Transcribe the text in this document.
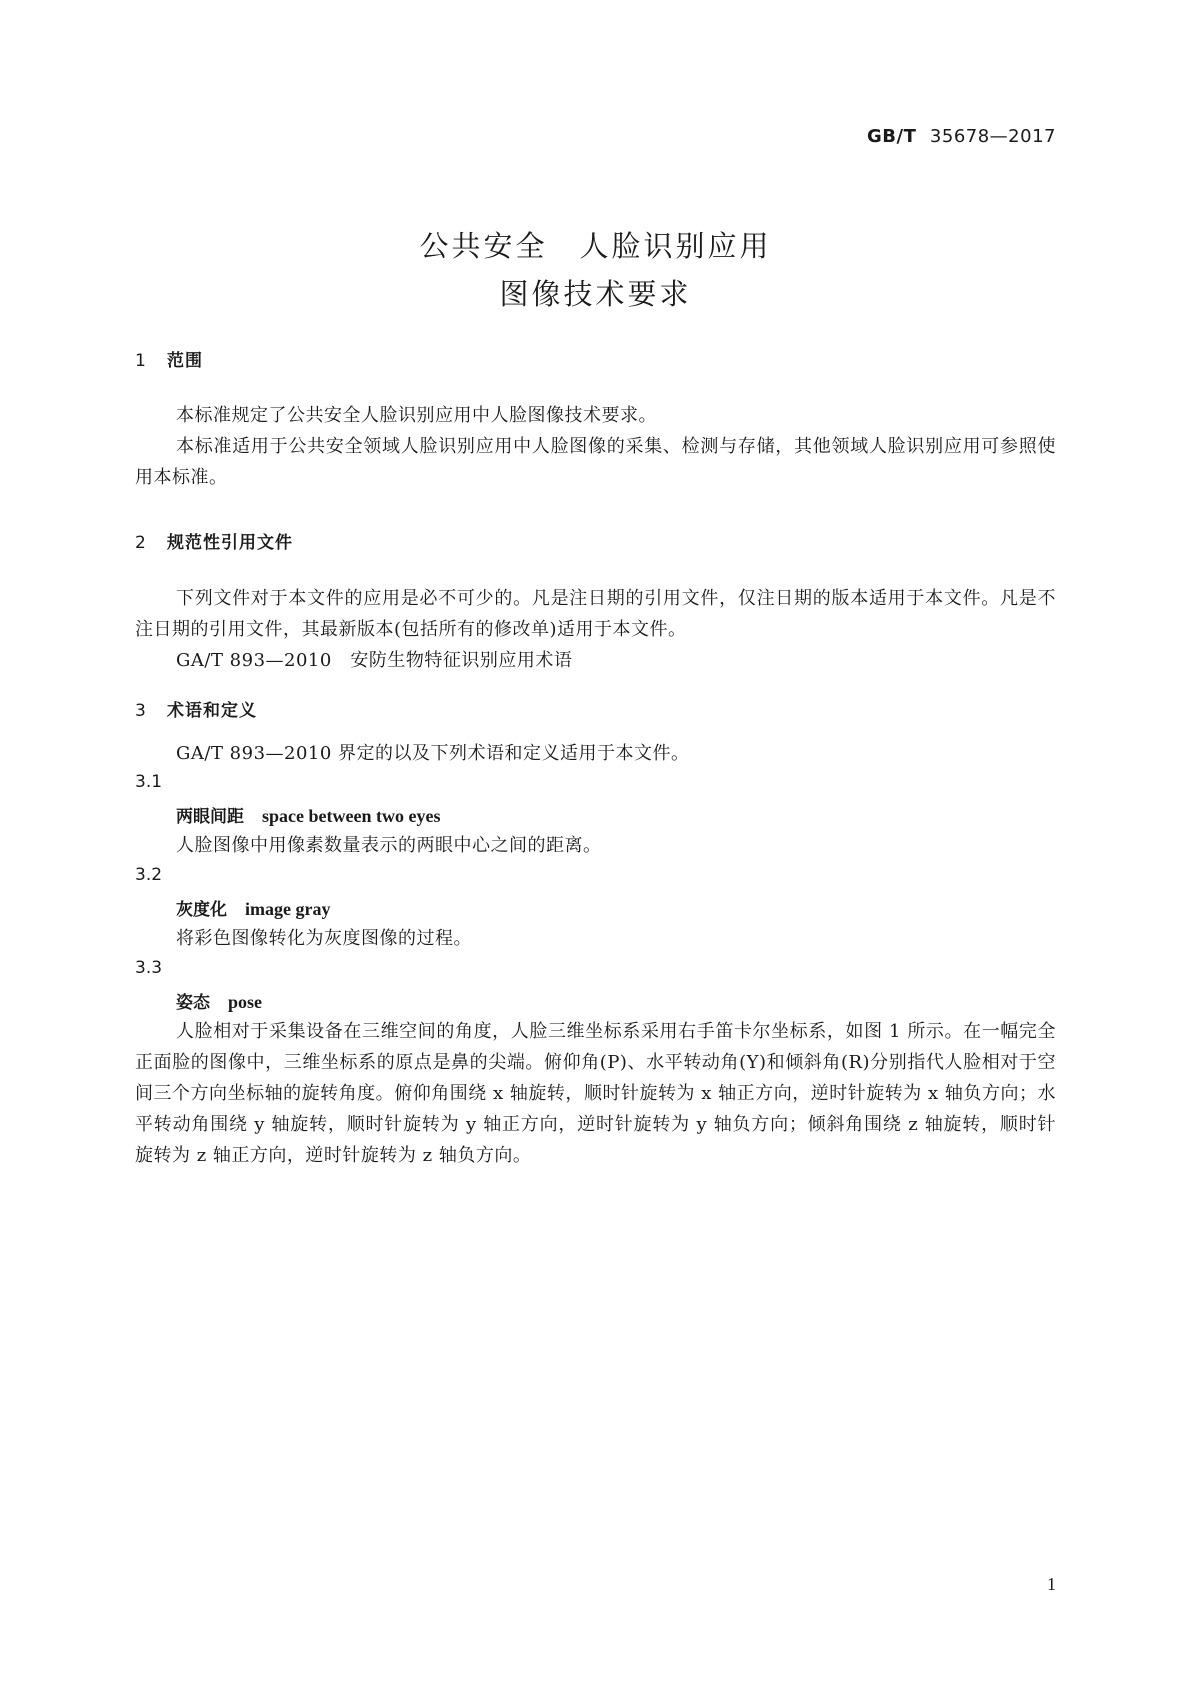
GB/T 35678—2017
公共安全　人脸识别应用
图像技术要求
1 范围
本标准规定了公共安全人脸识别应用中人脸图像技术要求。
本标准适用于公共安全领域人脸识别应用中人脸图像的采集、检测与存储，其他领域人脸识别应用可参照使用本标准。
2 规范性引用文件
下列文件对于本文件的应用是必不可少的。凡是注日期的引用文件，仅注日期的版本适用于本文件。凡是不注日期的引用文件，其最新版本(包括所有的修改单)适用于本文件。
GA/T 893—2010　安防生物特征识别应用术语
3 术语和定义
GA/T 893—2010 界定的以及下列术语和定义适用于本文件。
3.1
两眼间距 space between two eyes
人脸图像中用像素数量表示的两眼中心之间的距离。
3.2
灰度化 image gray
将彩色图像转化为灰度图像的过程。
3.3
姿态 pose
人脸相对于采集设备在三维空间的角度，人脸三维坐标系采用右手笛卡尔坐标系，如图 1 所示。在一幅完全正面脸的图像中，三维坐标系的原点是鼻的尖端。俯仰角(P)、水平转动角(Y)和倾斜角(R)分别指代人脸相对于空间三个方向坐标轴的旋转角度。俯仰角围绕 x 轴旋转，顺时针旋转为 x 轴正方向，逆时针旋转为 x 轴负方向；水平转动角围绕 y 轴旋转，顺时针旋转为 y 轴正方向，逆时针旋转为 y 轴负方向；倾斜角围绕 z 轴旋转，顺时针旋转为 z 轴正方向，逆时针旋转为 z 轴负方向。
1
